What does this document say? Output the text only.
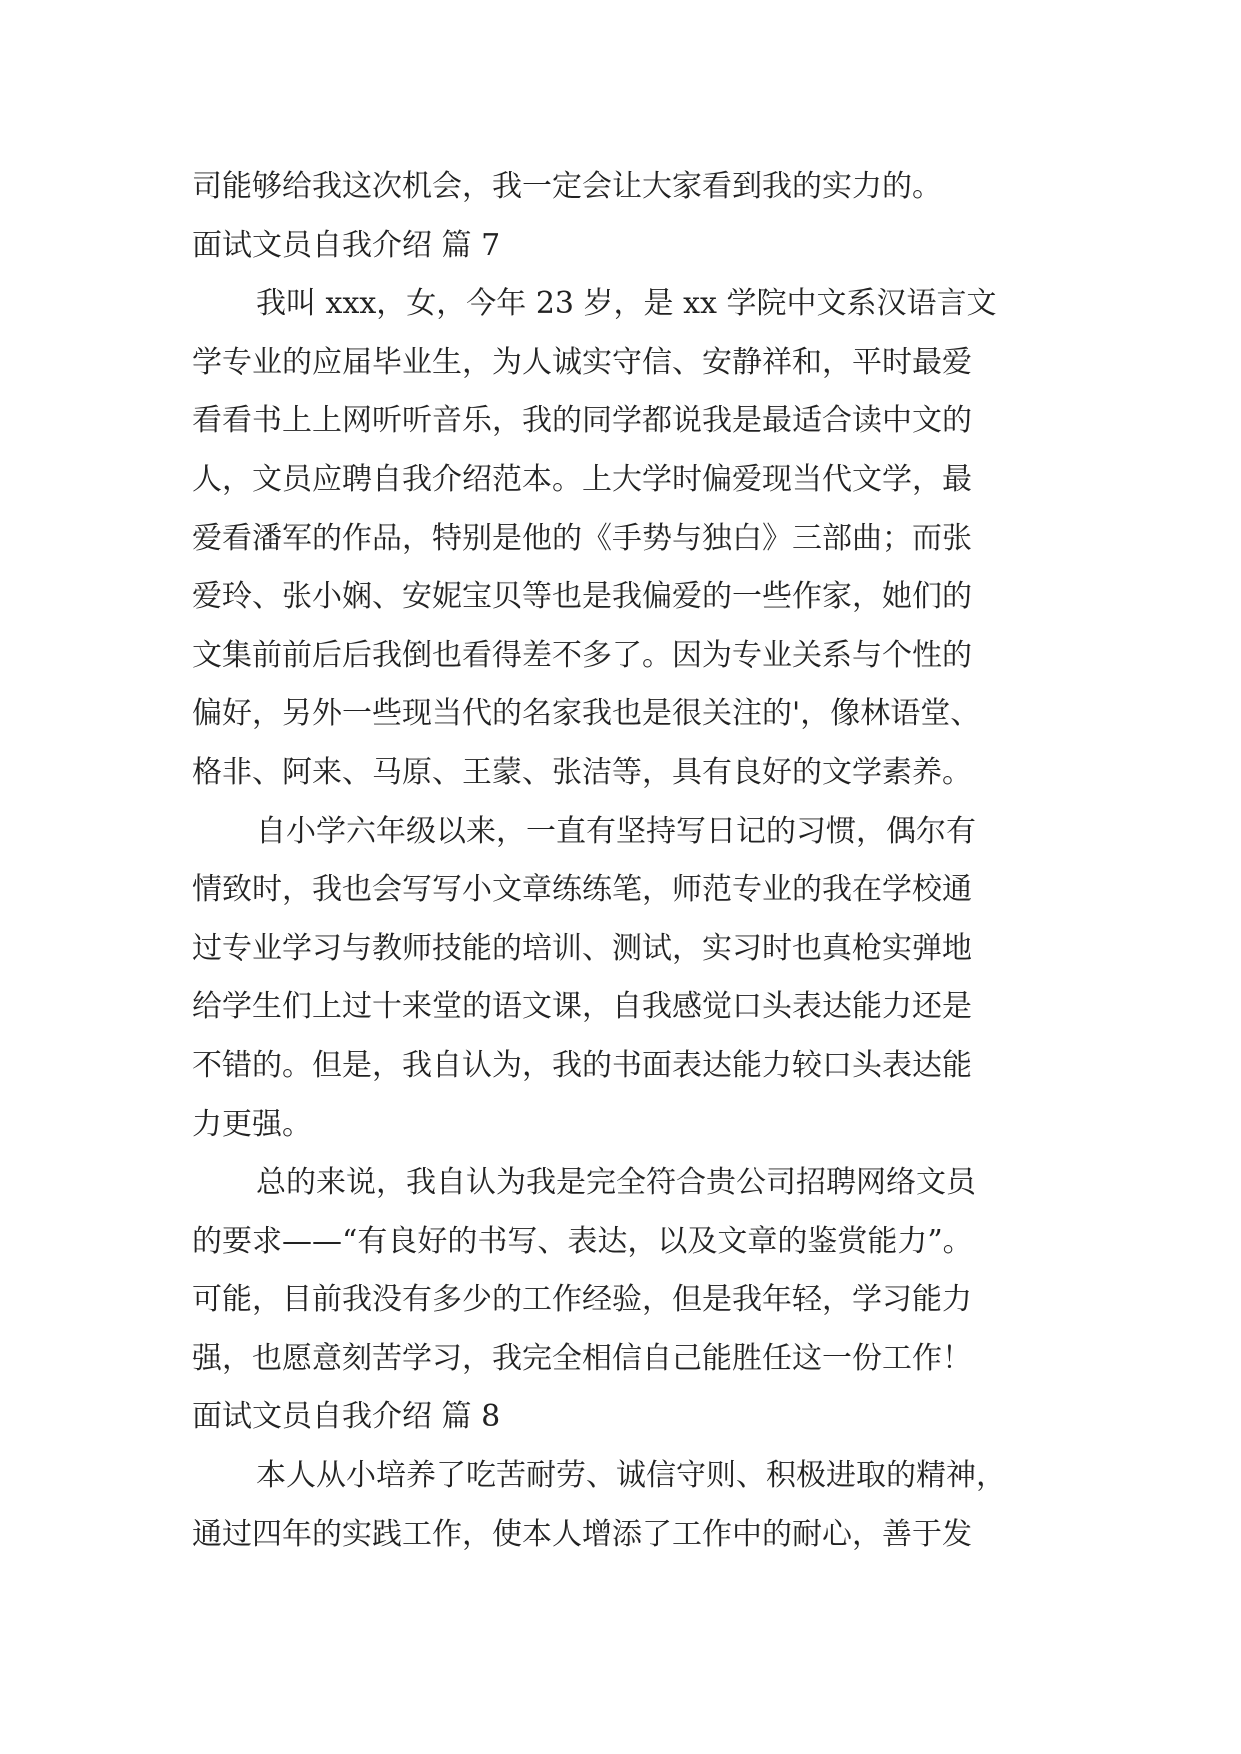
司能够给我这次机会，我一定会让大家看到我的实力的。
面试文员自我介绍 篇 7
我叫 xxx，女，今年 23 岁，是 xx 学院中文系汉语言文
学专业的应届毕业生，为人诚实守信、安静祥和，平时最爱
看看书上上网听听音乐，我的同学都说我是最适合读中文的
人，文员应聘自我介绍范本。上大学时偏爱现当代文学，最
爱看潘军的作品，特别是他的《手势与独白》三部曲；而张
爱玲、张小娴、安妮宝贝等也是我偏爱的一些作家，她们的
文集前前后后我倒也看得差不多了。因为专业关系与个性的
偏好，另外一些现当代的名家我也是很关注的'，像林语堂、
格非、阿来、马原、王蒙、张洁等，具有良好的文学素养。
自小学六年级以来，一直有坚持写日记的习惯，偶尔有
情致时，我也会写写小文章练练笔，师范专业的我在学校通
过专业学习与教师技能的培训、测试，实习时也真枪实弹地
给学生们上过十来堂的语文课，自我感觉口头表达能力还是
不错的。但是，我自认为，我的书面表达能力较口头表达能
力更强。
总的来说，我自认为我是完全符合贵公司招聘网络文员
的要求——“有良好的书写、表达，以及文章的鉴赏能力”。
可能，目前我没有多少的工作经验，但是我年轻，学习能力
强，也愿意刻苦学习，我完全相信自己能胜任这一份工作！
面试文员自我介绍 篇 8
本人从小培养了吃苦耐劳、诚信守则、积极进取的精神，
通过四年的实践工作，使本人增添了工作中的耐心，善于发
